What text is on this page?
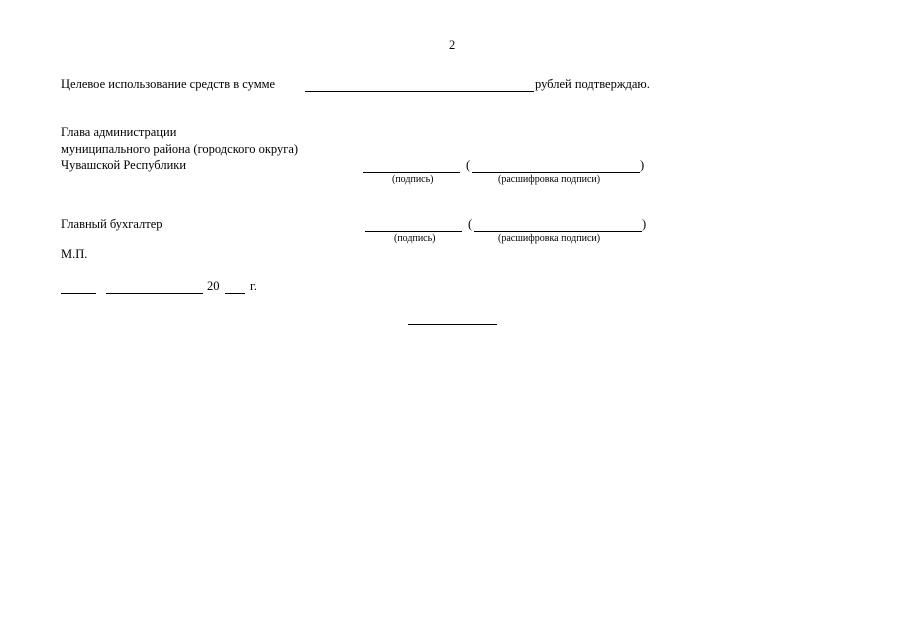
2
Целевое использование средств в сумме	рублей подтверждаю.
Глава администрации
муниципального района (городского округа)
Чувашской Республики	(	)
(подпись)	(расшифровка подписи)
Главный бухгалтер	(	)
(подпись)	(расшифровка подписи)
М.П.
20 г.
